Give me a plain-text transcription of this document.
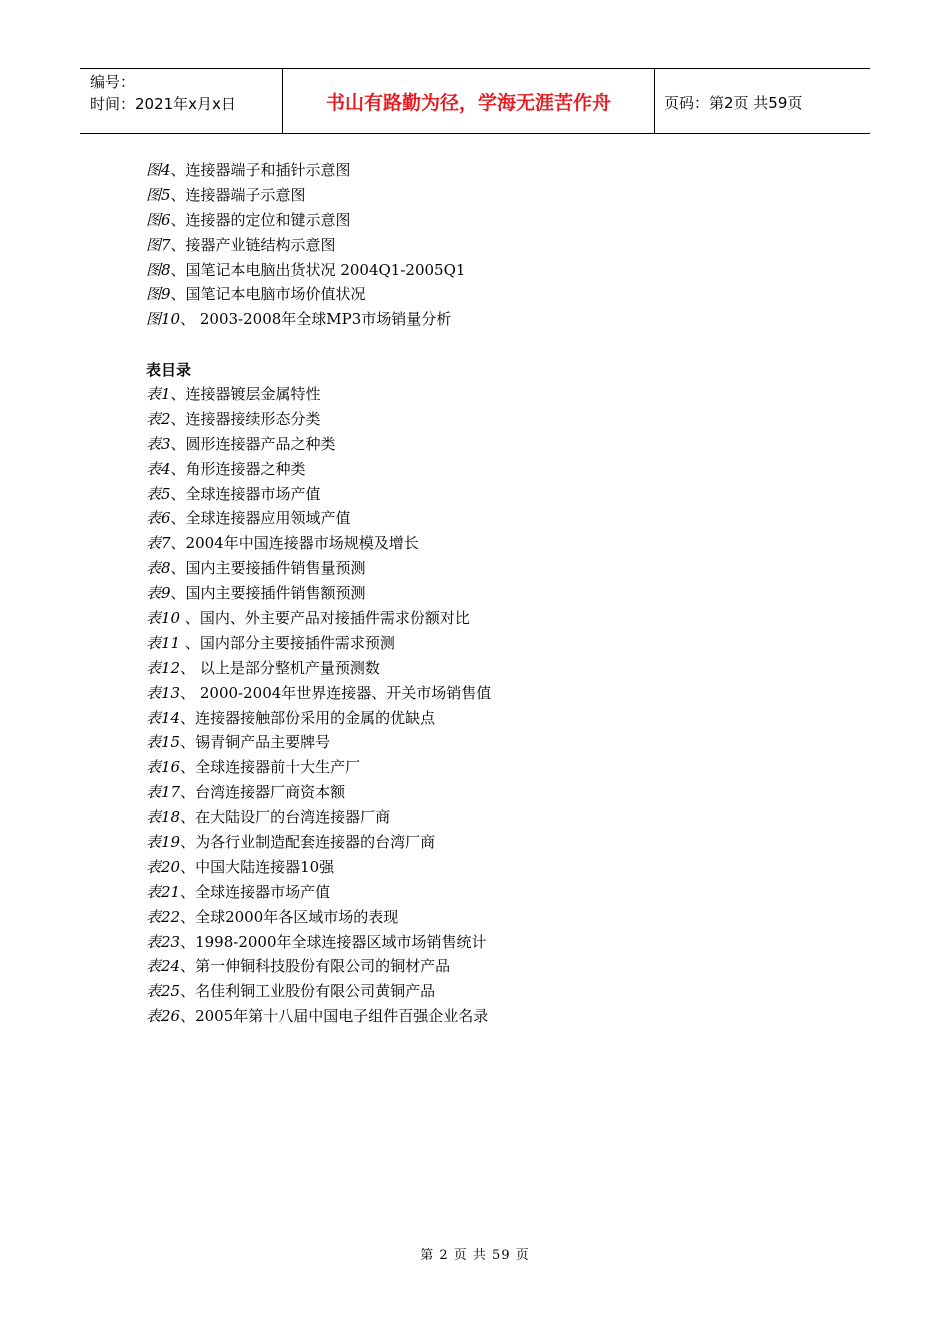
编号：
时间：2021年x月x日	书山有路勤为径，学海无涯苦作舟	页码：第2页 共59页
图4、连接器端子和插针示意图
图5、连接器端子示意图
图6、连接器的定位和键示意图
图7、接器产业链结构示意图
图8、国笔记本电脑出货状况 2004Q1-2005Q1
图9、国笔记本电脑市场价值状况
图10、 2003-2008年全球MP3市场销量分析
表目录
表1、连接器镀层金属特性
表2、连接器接续形态分类
表3、圆形连接器产品之种类
表4、角形连接器之种类
表5、全球连接器市场产值
表6、全球连接器应用领域产值
表7、2004年中国连接器市场规模及增长
表8、国内主要接插件销售量预测
表9、国内主要接插件销售额预测
表10 、国内、外主要产品对接插件需求份额对比
表11 、国内部分主要接插件需求预测
表12、 以上是部分整机产量预测数
表13、 2000-2004年世界连接器、开关市场销售值
表14、连接器接触部份采用的金属的优缺点
表15、锡青铜产品主要牌号
表16、全球连接器前十大生产厂
表17、台湾连接器厂商资本额
表18、在大陆设厂的台湾连接器厂商
表19、为各行业制造配套连接器的台湾厂商
表20、中国大陆连接器10强
表21、全球连接器市场产值
表22、全球2000年各区域市场的表现
表23、1998-2000年全球连接器区域市场销售统计
表24、第一伸铜科技股份有限公司的铜材产品
表25、名佳利铜工业股份有限公司黄铜产品
表26、2005年第十八届中国电子组件百强企业名录
第 2 页 共 59 页
